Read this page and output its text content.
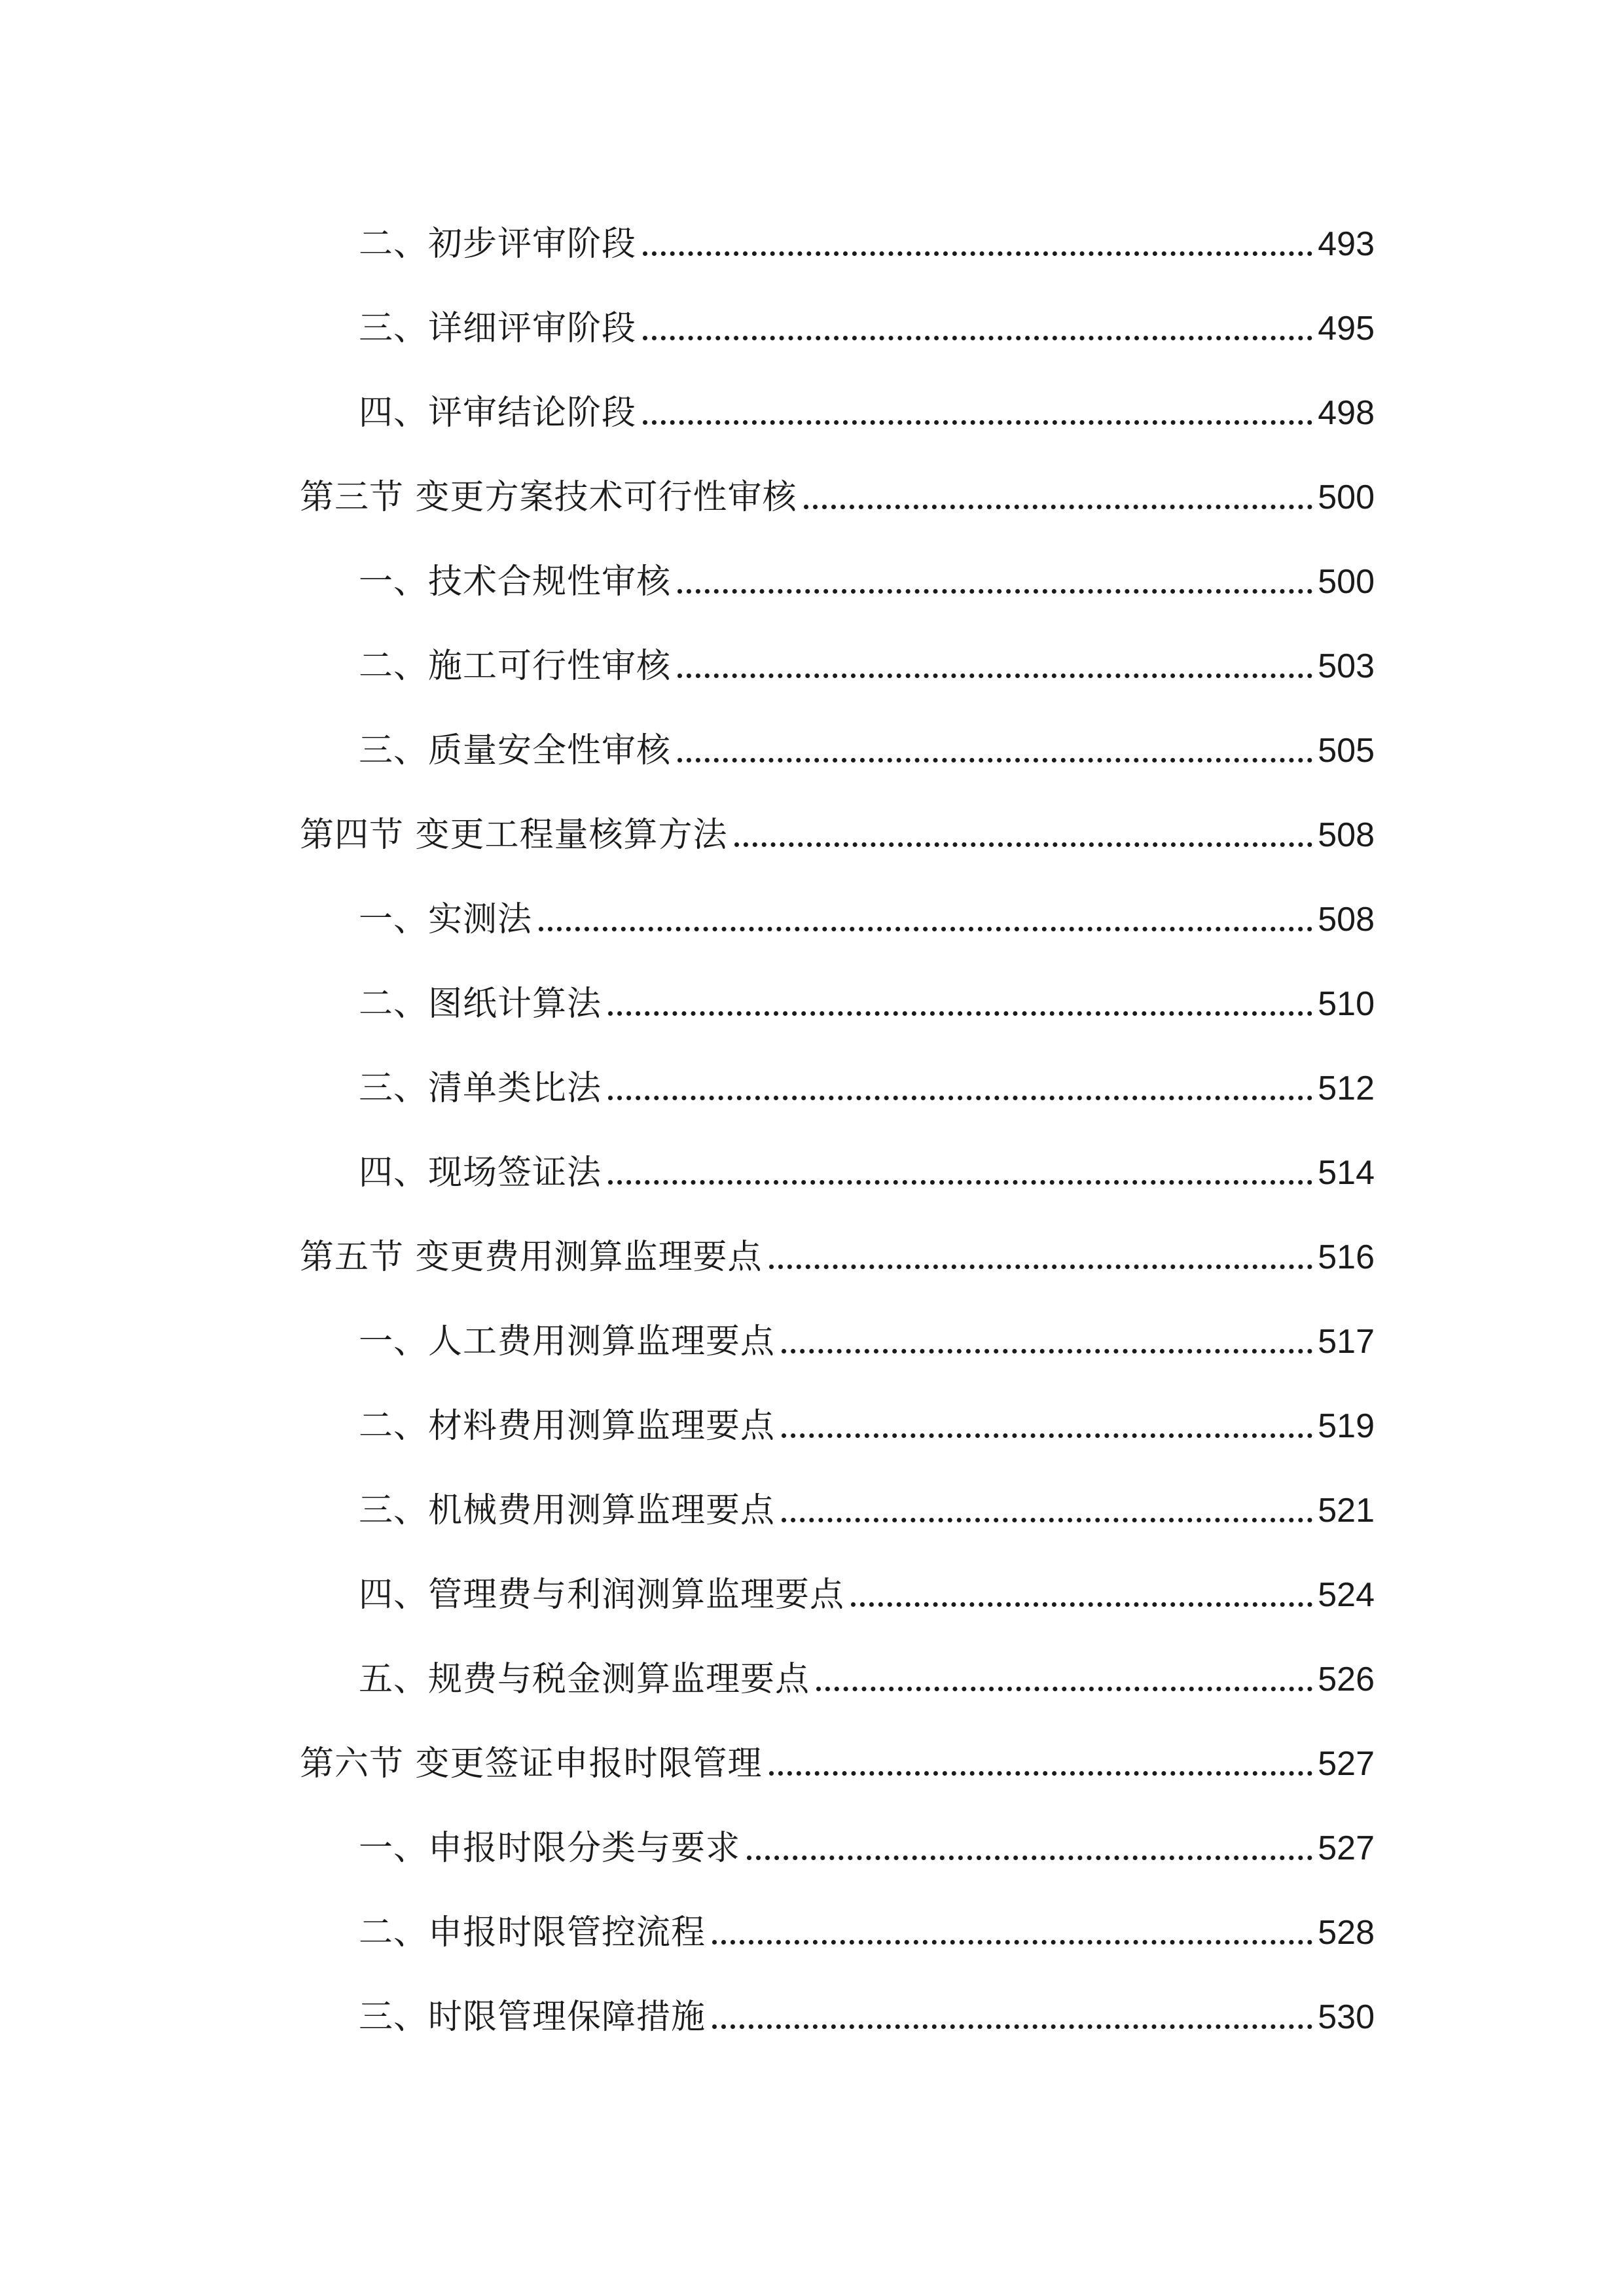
二、初步评审阶段	493
三、详细评审阶段	495
四、评审结论阶段	498
第三节 变更方案技术可行性审核	500
一、技术合规性审核	500
二、施工可行性审核	503
三、质量安全性审核	505
第四节 变更工程量核算方法	508
一、实测法	508
二、图纸计算法	510
三、清单类比法	512
四、现场签证法	514
第五节 变更费用测算监理要点	516
一、人工费用测算监理要点	517
二、材料费用测算监理要点	519
三、机械费用测算监理要点	521
四、管理费与利润测算监理要点	524
五、规费与税金测算监理要点	526
第六节 变更签证申报时限管理	527
一、申报时限分类与要求	527
二、申报时限管控流程	528
三、时限管理保障措施	530
